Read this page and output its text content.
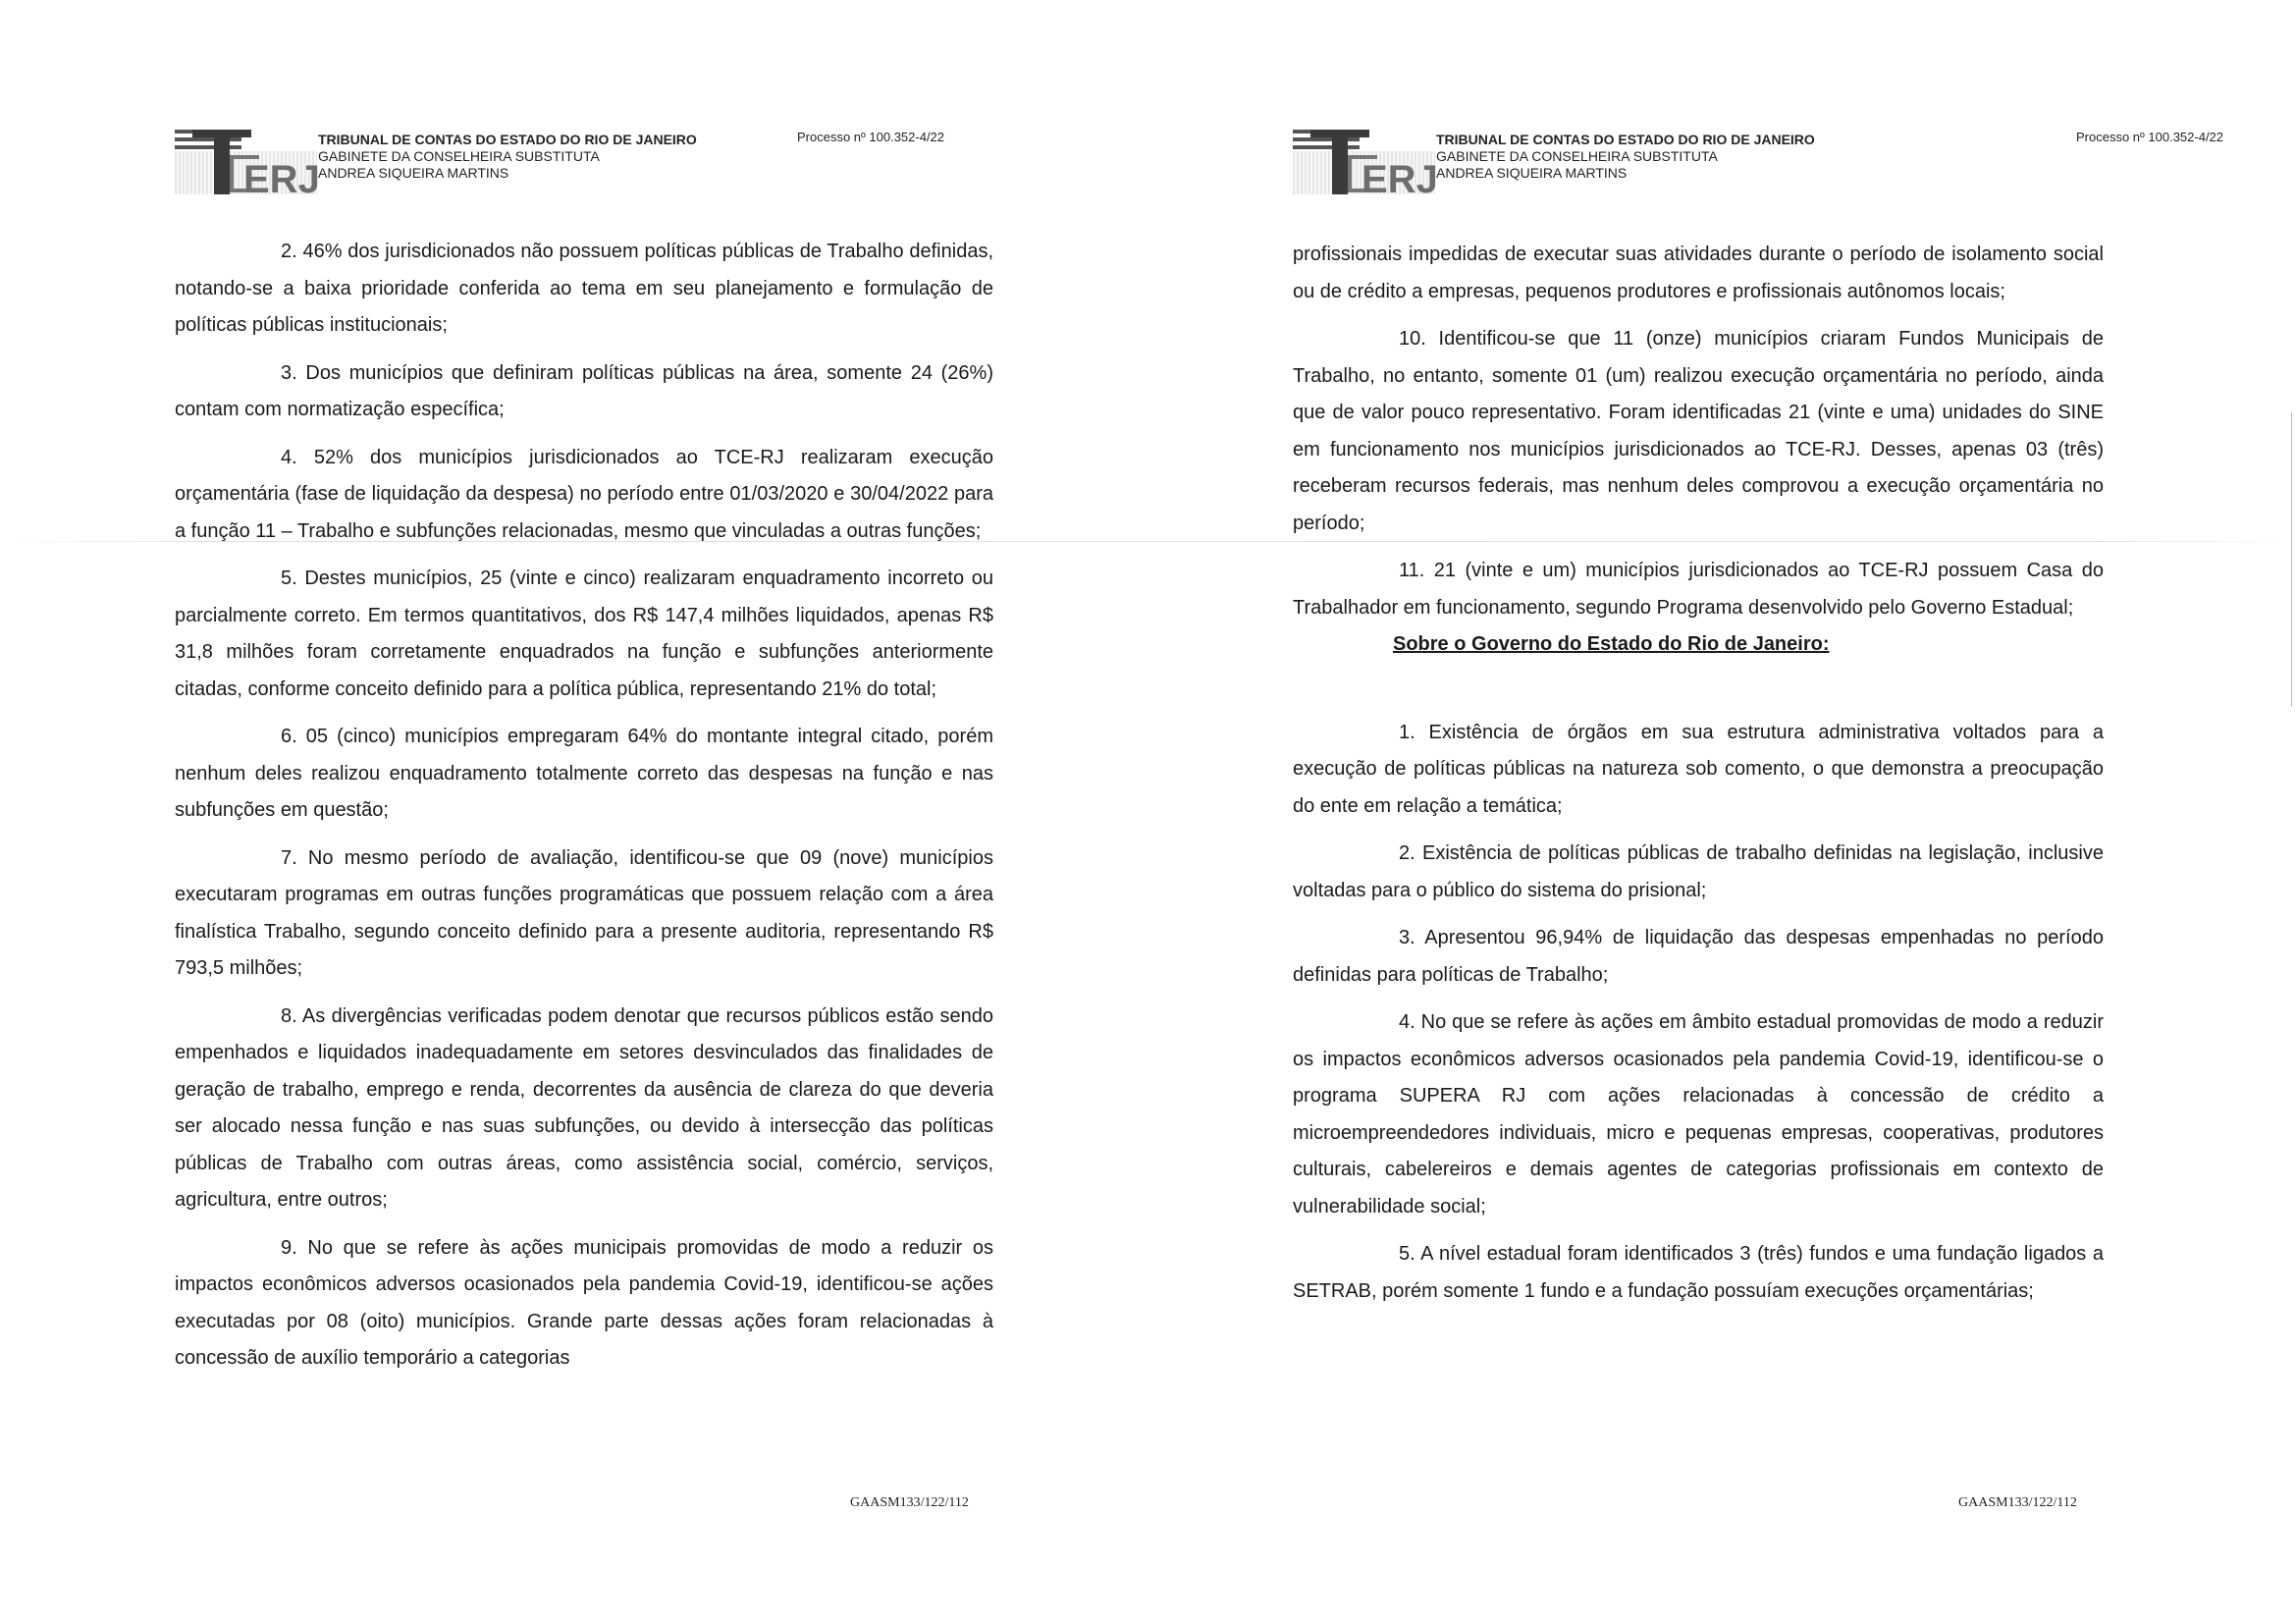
ERJ
TRIBUNAL DE CONTAS DO ESTADO DO RIO DE JANEIRO
GABINETE DA CONSELHEIRA SUBSTITUTA
ANDREA SIQUEIRA MARTINS
Processo nº 100.352-4/22

2. 46% dos jurisdicionados não possuem políticas públicas de Trabalho definidas, notando-se a baixa prioridade conferida ao tema em seu planejamento e formulação de políticas públicas institucionais;

3. Dos municípios que definiram políticas públicas na área, somente 24 (26%) contam com normatização específica;

4. 52% dos municípios jurisdicionados ao TCE-RJ realizaram execução orçamentária (fase de liquidação da despesa) no período entre 01/03/2020 e 30/04/2022 para a função 11 – Trabalho e subfunções relacionadas, mesmo que vinculadas a outras funções;

5. Destes municípios, 25 (vinte e cinco) realizaram enquadramento incorreto ou parcialmente correto. Em termos quantitativos, dos R$ 147,4 milhões liquidados, apenas R$ 31,8 milhões foram corretamente enquadrados na função e subfunções anteriormente citadas, conforme conceito definido para a política pública, representando 21% do total;

6. 05 (cinco) municípios empregaram 64% do montante integral citado, porém nenhum deles realizou enquadramento totalmente correto das despesas na função e nas subfunções em questão;

7. No mesmo período de avaliação, identificou-se que 09 (nove) municípios executaram programas em outras funções programáticas que possuem relação com a área finalística Trabalho, segundo conceito definido para a presente auditoria, representando R$ 793,5 milhões;

8. As divergências verificadas podem denotar que recursos públicos estão sendo empenhados e liquidados inadequadamente em setores desvinculados das finalidades de geração de trabalho, emprego e renda, decorrentes da ausência de clareza do que deveria ser alocado nessa função e nas suas subfunções, ou devido à intersecção das políticas públicas de Trabalho com outras áreas, como assistência social, comércio, serviços, agricultura, entre outros;

9. No que se refere às ações municipais promovidas de modo a reduzir os impactos econômicos adversos ocasionados pela pandemia Covid-19, identificou-se ações executadas por 08 (oito) municípios. Grande parte dessas ações foram relacionadas à concessão de auxílio temporário a categorias

GAASM133/122/112
ERJ
TRIBUNAL DE CONTAS DO ESTADO DO RIO DE JANEIRO
GABINETE DA CONSELHEIRA SUBSTITUTA
ANDREA SIQUEIRA MARTINS
Processo nº 100.352-4/22

profissionais impedidas de executar suas atividades durante o período de isolamento social ou de crédito a empresas, pequenos produtores e profissionais autônomos locais;

10. Identificou-se que 11 (onze) municípios criaram Fundos Municipais de Trabalho, no entanto, somente 01 (um) realizou execução orçamentária no período, ainda que de valor pouco representativo. Foram identificadas 21 (vinte e uma) unidades do SINE em funcionamento nos municípios jurisdicionados ao TCE-RJ. Desses, apenas 03 (três) receberam recursos federais, mas nenhum deles comprovou a execução orçamentária no período;

11. 21 (vinte e um) municípios jurisdicionados ao TCE-RJ possuem Casa do Trabalhador em funcionamento, segundo Programa desenvolvido pelo Governo Estadual;

Sobre o Governo do Estado do Rio de Janeiro:

1. Existência de órgãos em sua estrutura administrativa voltados para a execução de políticas públicas na natureza sob comento, o que demonstra a preocupação do ente em relação a temática;

2. Existência de políticas públicas de trabalho definidas na legislação, inclusive voltadas para o público do sistema do prisional;

3. Apresentou 96,94% de liquidação das despesas empenhadas no período definidas para políticas de Trabalho;

4. No que se refere às ações em âmbito estadual promovidas de modo a reduzir os impactos econômicos adversos ocasionados pela pandemia Covid-19, identificou-se o programa SUPERA RJ com ações relacionadas à concessão de crédito a microempreendedores individuais, micro e pequenas empresas, cooperativas, produtores culturais, cabelereiros e demais agentes de categorias profissionais em contexto de vulnerabilidade social;

5. A nível estadual foram identificados 3 (três) fundos e uma fundação ligados a SETRAB, porém somente 1 fundo e a fundação possuíam execuções orçamentárias;

GAASM133/122/112
